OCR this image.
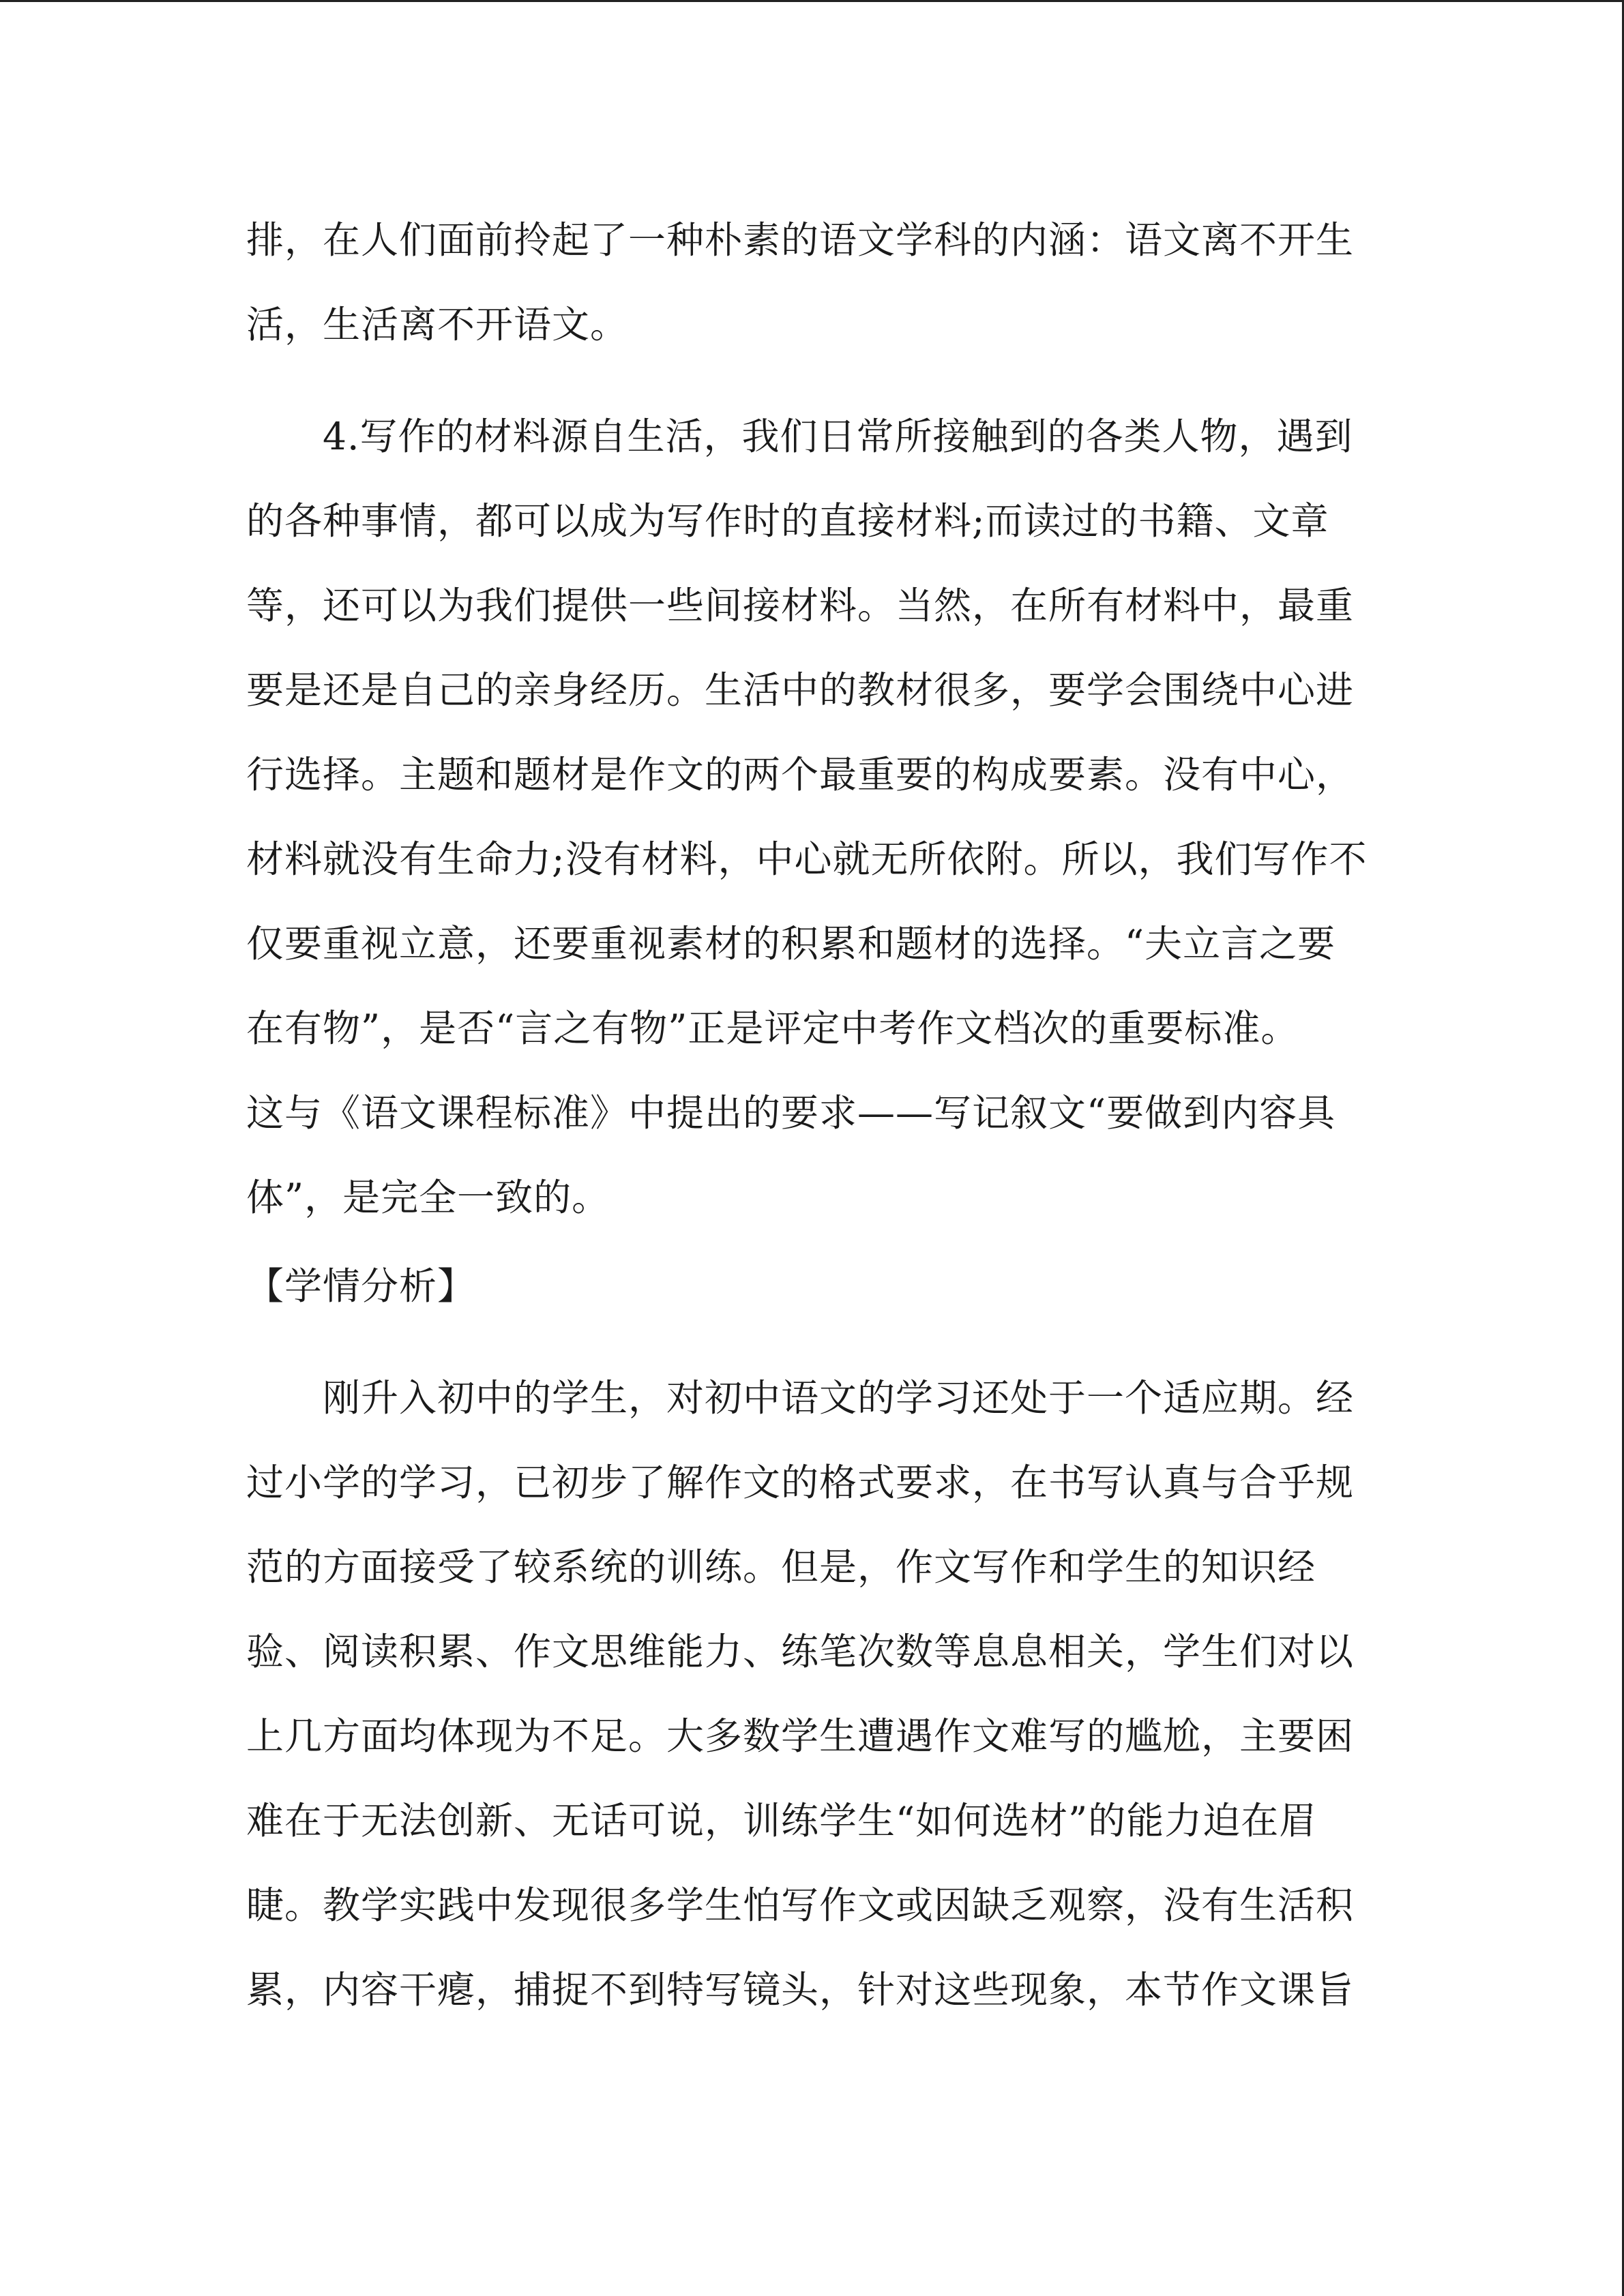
排，在人们面前拎起了一种朴素的语文学科的内涵：语文离不开生
活，生活离不开语文。
4.写作的材料源自生活，我们日常所接触到的各类人物，遇到
的各种事情，都可以成为写作时的直接材料;而读过的书籍、文章
等，还可以为我们提供一些间接材料。当然，在所有材料中，最重
要是还是自己的亲身经历。生活中的教材很多，要学会围绕中心进
行选择。主题和题材是作文的两个最重要的构成要素。没有中心，
材料就没有生命力;没有材料，中心就无所依附。所以，我们写作不
仅要重视立意，还要重视素材的积累和题材的选择。“夫立言之要
在有物”，是否“言之有物”正是评定中考作文档次的重要标准。
这与《语文课程标准》中提出的要求——写记叙文“要做到内容具
体”，是完全一致的。
【学情分析】
刚升入初中的学生，对初中语文的学习还处于一个适应期。经
过小学的学习，已初步了解作文的格式要求，在书写认真与合乎规
范的方面接受了较系统的训练。但是，作文写作和学生的知识经
验、阅读积累、作文思维能力、练笔次数等息息相关，学生们对以
上几方面均体现为不足。大多数学生遭遇作文难写的尴尬，主要困
难在于无法创新、无话可说，训练学生“如何选材”的能力迫在眉
睫。教学实践中发现很多学生怕写作文或因缺乏观察，没有生活积
累，内容干瘪，捕捉不到特写镜头，针对这些现象，本节作文课旨
